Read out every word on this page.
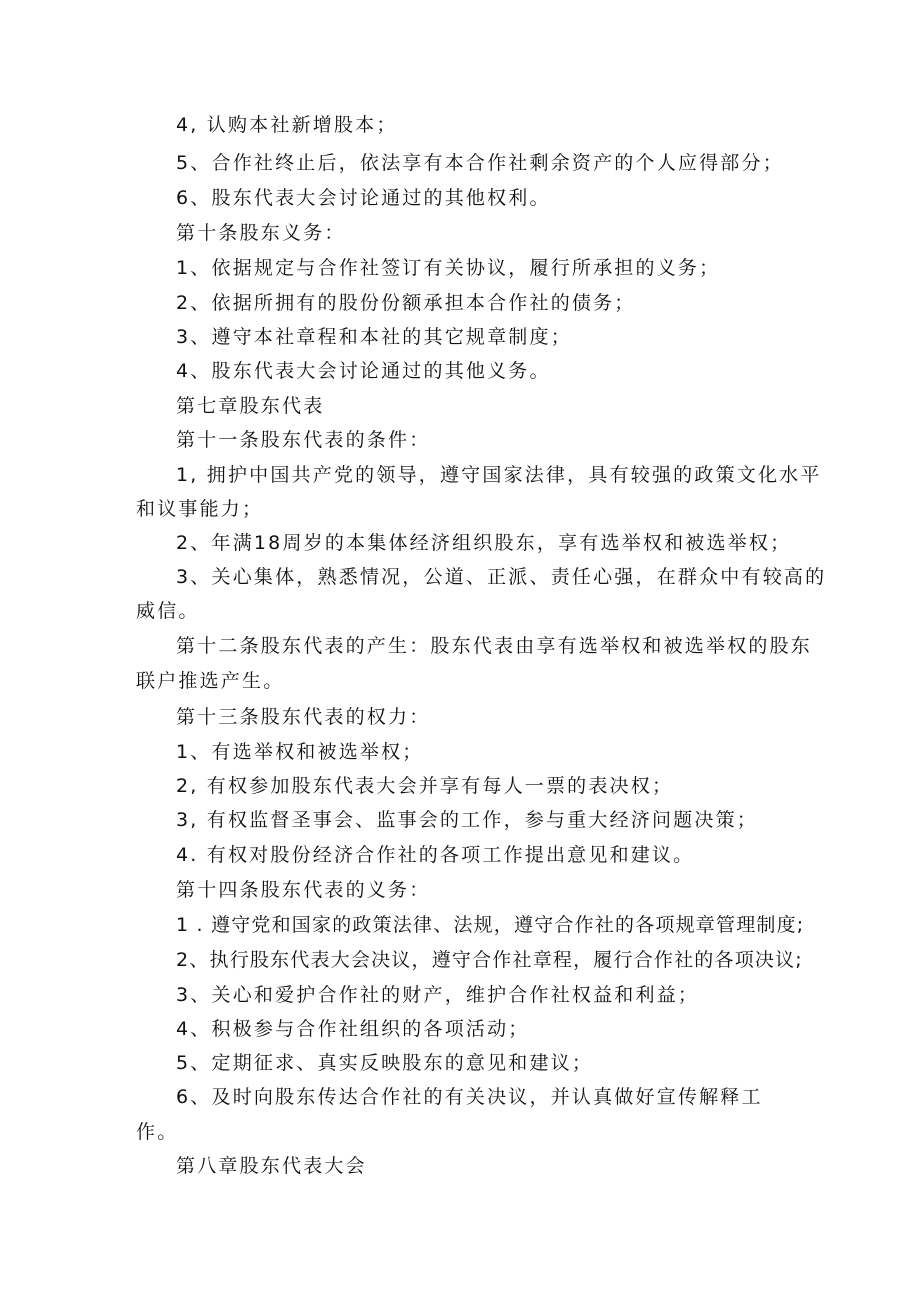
4, 认购本社新增股本；
5、合作社终止后，依法享有本合作社剩余资产的个人应得部分；
6、股东代表大会讨论通过的其他权利。
第十条股东义务：
1、依据规定与合作社签订有关协议，履行所承担的义务；
2、依据所拥有的股份份额承担本合作社的债务；
3、遵守本社章程和本社的其它规章制度；
4、股东代表大会讨论通过的其他义务。
第七章股东代表
第十一条股东代表的条件：
1, 拥护中国共产党的领导，遵守国家法律，具有较强的政策文化水平
和议事能力；
2、年满18周岁的本集体经济组织股东，享有选举权和被选举权；
3、关心集体，熟悉情况，公道、正派、责任心强，在群众中有较高的
威信。
第十二条股东代表的产生：股东代表由享有选举权和被选举权的股东
联户推选产生。
第十三条股东代表的权力：
1、有选举权和被选举权；
2, 有权参加股东代表大会并享有每人一票的表决权；
3, 有权监督圣事会、监事会的工作，参与重大经济问题决策；
4. 有权对股份经济合作社的各项工作提出意见和建议。
第十四条股东代表的义务：
1 . 遵守党和国家的政策法律、法规，遵守合作社的各项规章管理制度;
2、执行股东代表大会决议，遵守合作社章程，履行合作社的各项决议;
3、关心和爱护合作社的财产，维护合作社权益和利益；
4、积极参与合作社组织的各项活动；
5、定期征求、真实反映股东的意见和建议；
6、及时向股东传达合作社的有关决议，并认真做好宣传解释工
作。
第八章股东代表大会
